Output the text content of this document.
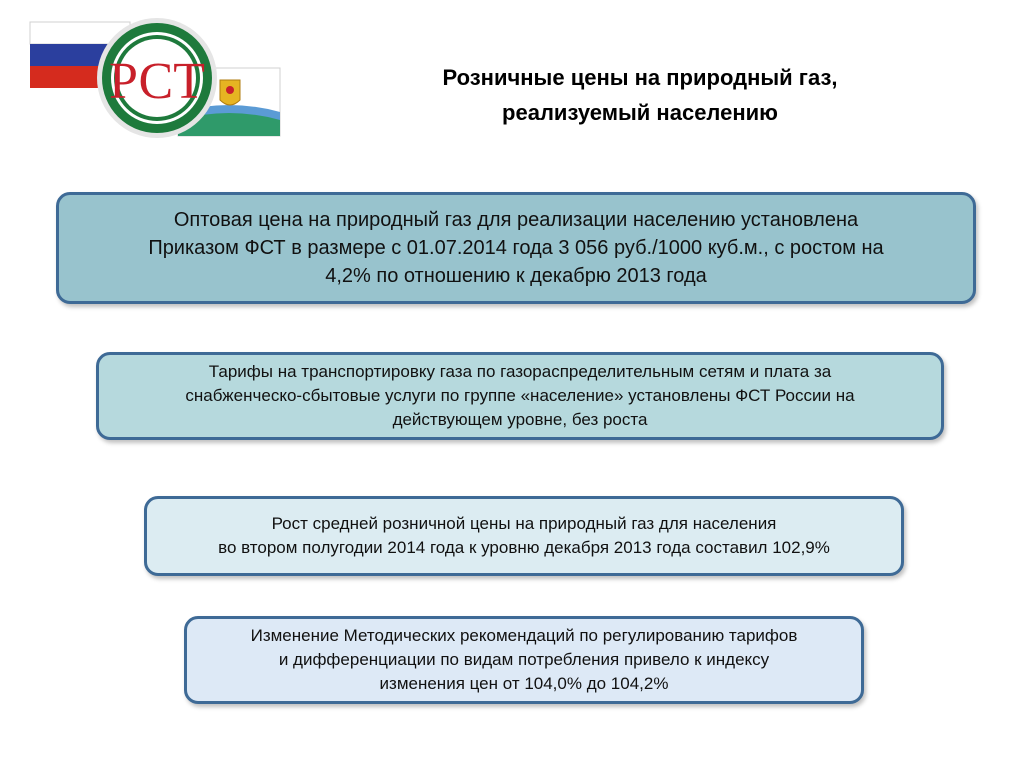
РСТ	Розничные цены на природный газ,
реализуемый населению
Оптовая цена на природный газ для реализации населению установлена
Приказом ФСТ в размере с 01.07.2014 года 3 056 руб./1000 куб.м., с ростом на
4,2% по отношению к декабрю 2013 года
Тарифы на транспортировку газа по газораспределительным сетям и плата за
снабженческо-сбытовые услуги по группе «население» установлены ФСТ России на
действующем уровне, без роста
Рост средней розничной цены на природный газ для населения
во втором полугодии 2014 года к уровню декабря 2013 года составил 102,9%
Изменение Методических рекомендаций по регулированию тарифов
и дифференциации по видам потребления привело к индексу
изменения цен от 104,0% до 104,2%
